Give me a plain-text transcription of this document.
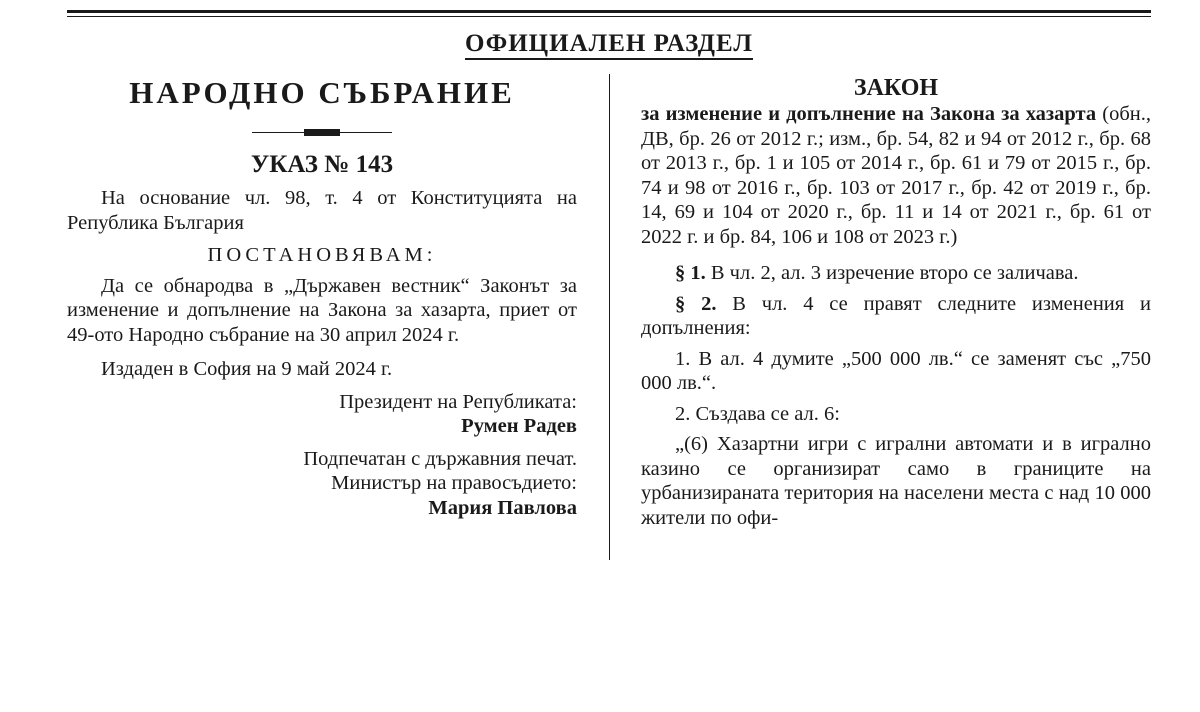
ОФИЦИАЛЕН РАЗДЕЛ
НАРОДНО СЪБРАНИЕ
УКАЗ № 143

На основание чл. 98, т. 4 от Конституцията на Република България

ПОСТАНОВЯВАМ:

Да се обнародва в „Държавен вестник“ Законът за изменение и допълнение на Закона за хазарта, приет от 49-ото Народно събрание на 30 април 2024 г.

Издаден в София на 9 май 2024 г.

Президент на Републиката:
Румен Радев
Подпечатан с държавния печат.
Министър на правосъдието:
Мария Павлова
ЗАКОН

за изменение и допълнение на Закона за хазарта (обн., ДВ, бр. 26 от 2012 г.; изм., бр. 54, 82 и 94 от 2012 г., бр. 68 от 2013 г., бр. 1 и 105 от 2014 г., бр. 61 и 79 от 2015 г., бр. 74 и 98 от 2016 г., бр. 103 от 2017 г., бр. 42 от 2019 г., бр. 14, 69 и 104 от 2020 г., бр. 11 и 14 от 2021 г., бр. 61 от 2022 г. и бр. 84, 106 и 108 от 2023 г.)

§ 1. В чл. 2, ал. 3 изречение второ се заличава.

§ 2. В чл. 4 се правят следните изменения и допълнения:

1. В ал. 4 думите „500 000 лв.“ се заменят със „750 000 лв.“.

2. Създава се ал. 6:

„(6) Хазартни игри с игрални автомати и в игрално казино се организират само в границите на урбанизираната територия на населени места с над 10 000 жители по офи-
